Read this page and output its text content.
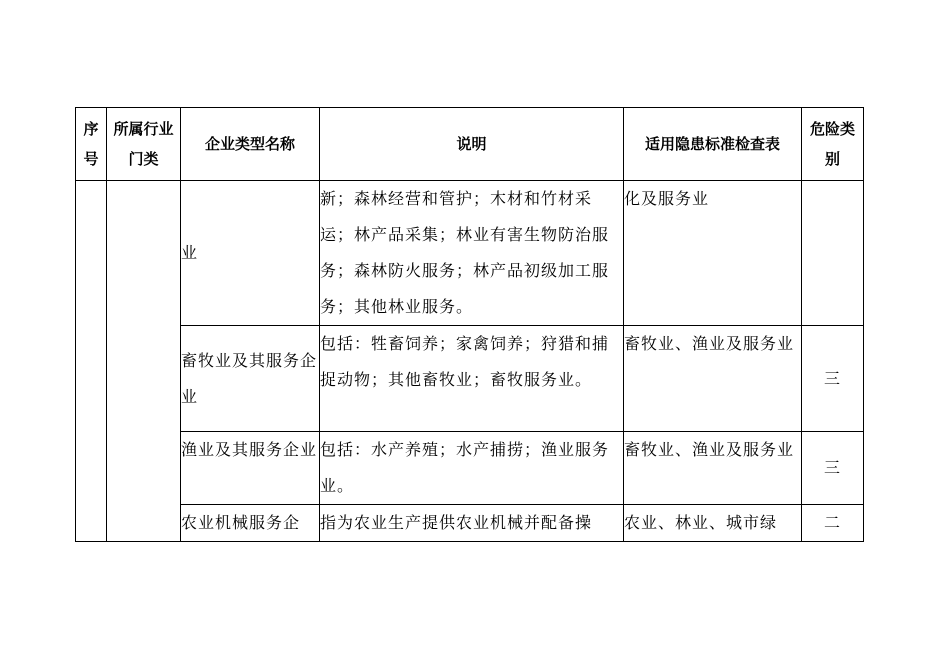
序号	所属行业门类	企业类型名称	说明	适用隐患标准检查表	危险类别
		业	新；森林经营和管护；木材和竹材采运；林产品采集；林业有害生物防治服务；森林防火服务；林产品初级加工服务；其他林业服务。	化及服务业	
		畜牧业及其服务企业	包括：牲畜饲养；家禽饲养；狩猎和捕捉动物；其他畜牧业；畜牧服务业。	畜牧业、渔业及服务业	三
		渔业及其服务企业	包括：水产养殖；水产捕捞；渔业服务业。	畜牧业、渔业及服务业	三
		农业机械服务企	指为农业生产提供农业机械并配备操	农业、林业、城市绿	二
